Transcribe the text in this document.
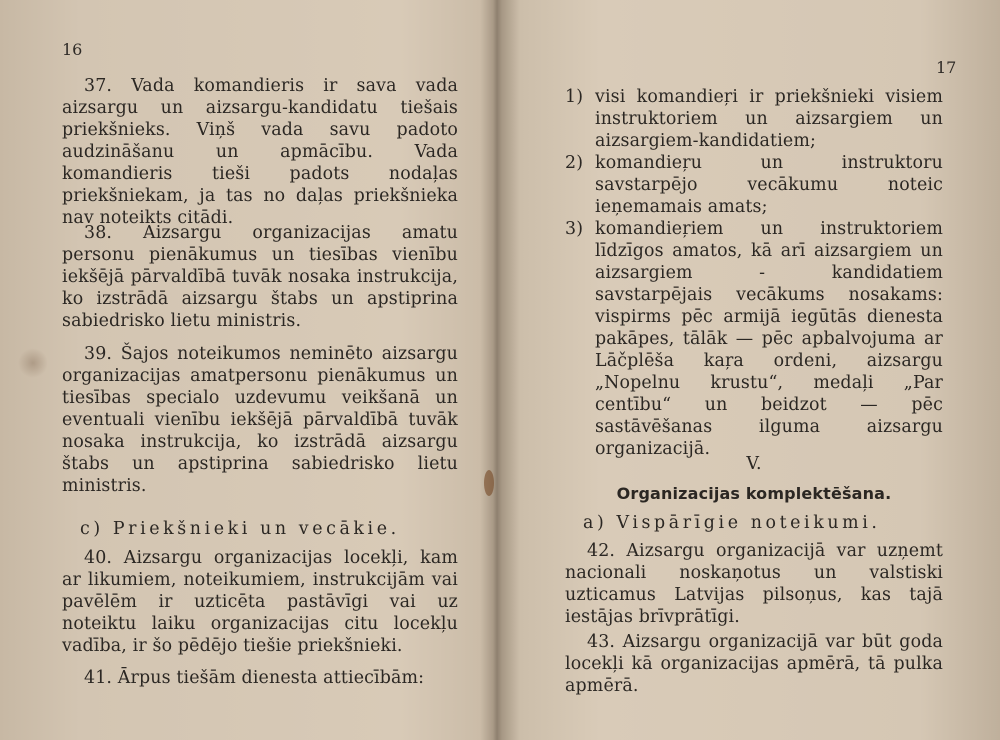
16
37. Vada komandieris ir sava vada aizsargu un aizsargu-kandidatu tiešais priekšnieks. Viņš vada savu padoto audzināšanu un apmācību. Vada komandieris tieši padots nodaļas priekšniekam, ja tas no daļas priekšnieka nav noteikts citādi.
38. Aizsargu organizacijas amatu personu pienākumus un tiesības vienību iekšējā pārvaldībā tuvāk nosaka instrukcija, ko izstrādā aizsargu štabs un apstiprina sabiedrisko lietu ministris.
39. Šajos noteikumos neminēto aizsargu organizacijas amatpersonu pienākumus un tiesības specialo uzdevumu veikšanā un eventuali vienību iekšējā pārvaldībā tuvāk nosaka instrukcija, ko izstrādā aizsargu štabs un apstiprina sabiedrisko lietu ministris.
c) Priekšnieki un vecākie.
40. Aizsargu organizacijas locekļi, kam ar likumiem, noteikumiem, instrukcijām vai pavēlēm ir uzticēta pastāvīgi vai uz noteiktu laiku organizacijas citu locekļu vadība, ir šo pēdējo tiešie priekšnieki.
41. Ārpus tiešām dienesta attiecībām:
17
1) visi komandieŗi ir priekšnieki visiem instruktoriem un aizsargiem un aizsargiem-kandidatiem;
2) komandieŗu un instruktoru savstarpējo vecākumu noteic ieņemamais amats;
3) komandieŗiem un instruktoriem līdzīgos amatos, kā arī aizsargiem un aizsargiem - kandidatiem savstarpējais vecākums nosakams: vispirms pēc armijā iegūtās dienesta pakāpes, tālāk — pēc apbalvojuma ar Lāčplēša kaŗa ordeni, aizsargu „Nopelnu krustu“, medaļi „Par centību“ un beidzot — pēc sastāvēšanas ilguma aizsargu organizacijā.
V.
Organizacijas komplektēšana.
a) Vispārīgie noteikumi.
42. Aizsargu organizacijā var uzņemt nacionali noskaņotus un valstiski uzticamus Latvijas pilsoņus, kas tajā iestājas brīvprātīgi.
43. Aizsargu organizacijā var būt goda locekļi kā organizacijas apmērā, tā pulka apmērā.
